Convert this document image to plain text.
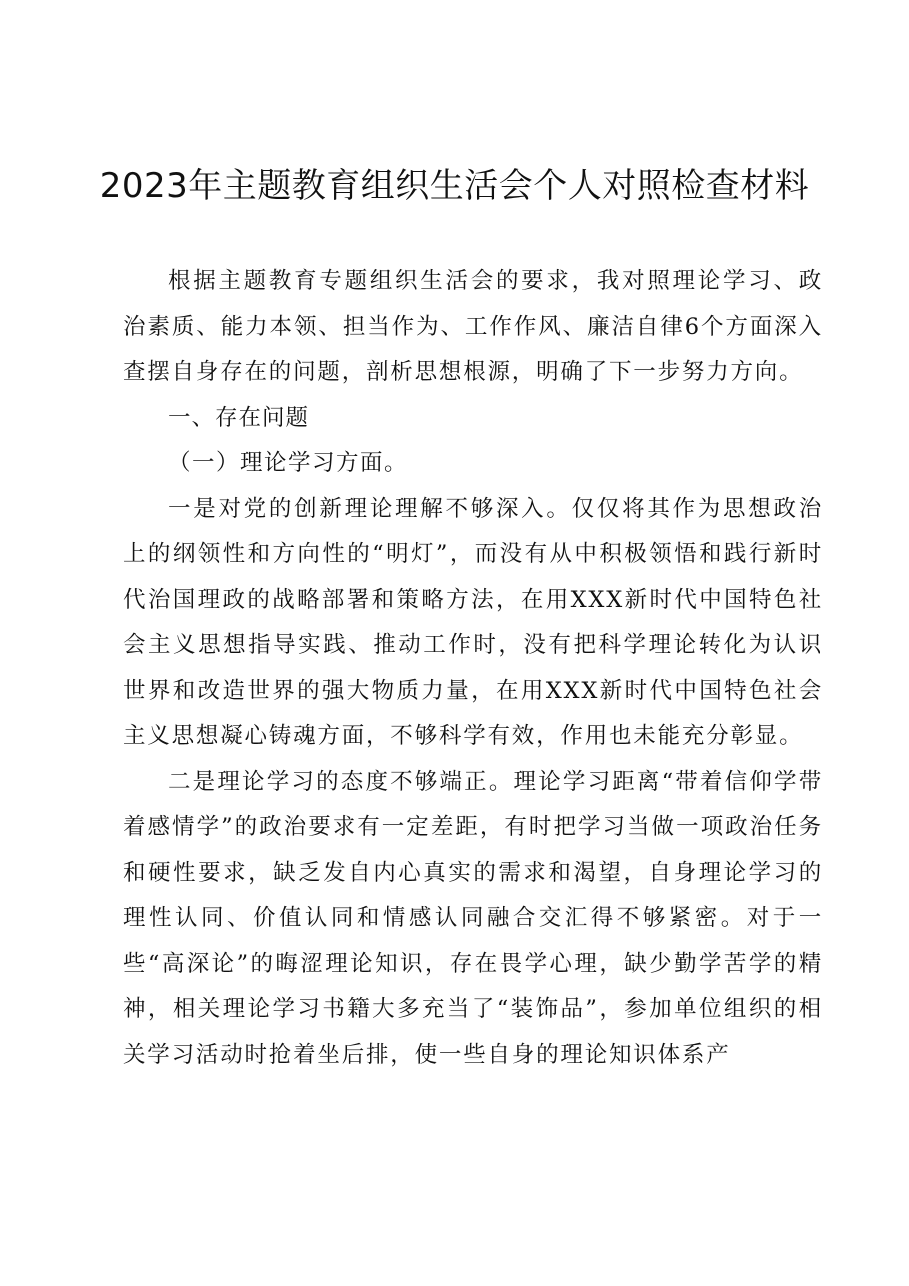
2023年主题教育组织生活会个人对照检查材料

根据主题教育专题组织生活会的要求，我对照理论学习、政治素质、能力本领、担当作为、工作作风、廉洁自律6个方面深入查摆自身存在的问题，剖析思想根源，明确了下一步努力方向。

一、存在问题

（一）理论学习方面。

一是对党的创新理论理解不够深入。仅仅将其作为思想政治上的纲领性和方向性的“明灯”，而没有从中积极领悟和践行新时代治国理政的战略部署和策略方法，在用XXX新时代中国特色社会主义思想指导实践、推动工作时，没有把科学理论转化为认识世界和改造世界的强大物质力量，在用XXX新时代中国特色社会主义思想凝心铸魂方面，不够科学有效，作用也未能充分彰显。

二是理论学习的态度不够端正。理论学习距离“带着信仰学带着感情学”的政治要求有一定差距，有时把学习当做一项政治任务和硬性要求，缺乏发自内心真实的需求和渴望，自身理论学习的理性认同、价值认同和情感认同融合交汇得不够紧密。对于一些“高深论”的晦涩理论知识，存在畏学心理，缺少勤学苦学的精神，相关理论学习书籍大多充当了“装饰品”，参加单位组织的相关学习活动时抢着坐后排，使一些自身的理论知识体系产
